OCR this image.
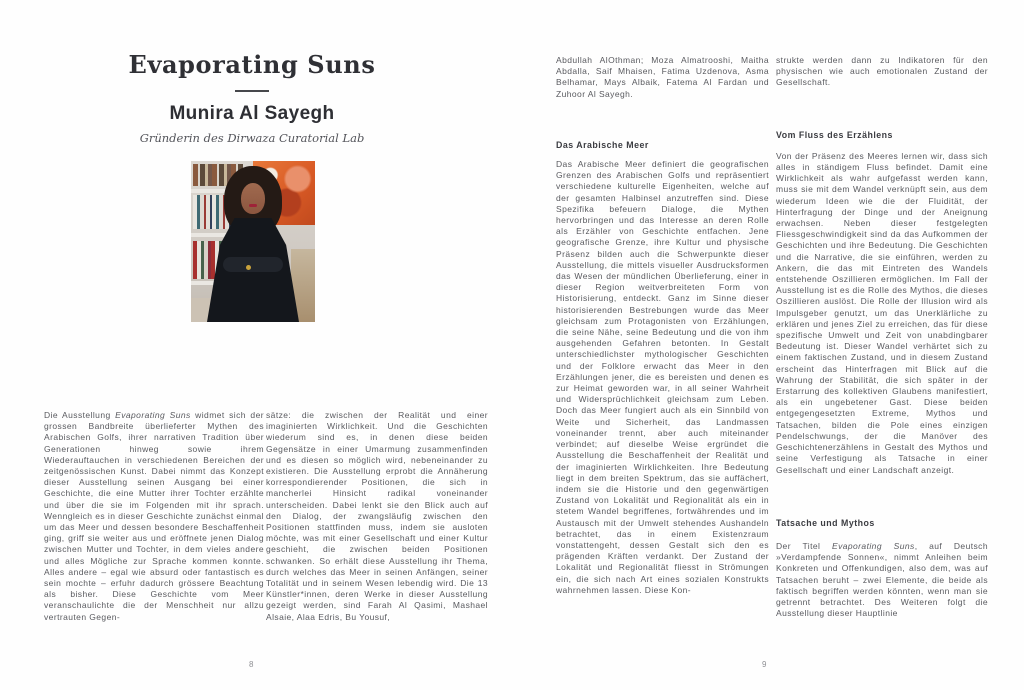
Evaporating Suns
Munira Al Sayegh
Gründerin des Dirwaza Curatorial Lab
Die Ausstellung Evaporating Suns widmet sich der grossen Bandbreite überlieferter Mythen des Arabischen Golfs, ihrer narrativen Tradition über Generationen hinweg sowie ihrem Wiederauftauchen in verschiedenen Bereichen der zeitgenössischen Kunst. Dabei nimmt das Konzept dieser Ausstellung seinen Ausgang bei einer Geschichte, die eine Mutter ihrer Tochter erzählte und über die sie im Folgenden mit ihr sprach. Wenngleich es in dieser Geschichte zunächst einmal um das Meer und dessen besondere Beschaffenheit ging, griff sie weiter aus und eröffnete jenen Dialog zwischen Mutter und Tochter, in dem vieles andere und alles Mögliche zur Sprache kommen konnte. Alles andere – egal wie absurd oder fantastisch es sein mochte – erfuhr dadurch grössere Beachtung als bisher. Diese Geschichte vom Meer veranschaulichte die der Menschheit nur allzu vertrauten Gegen-
sätze: die zwischen der Realität und einer imaginierten Wirklichkeit. Und die Geschichten wiederum sind es, in denen diese beiden Gegensätze in einer Umarmung zusammenfinden und es diesen so möglich wird, nebeneinander zu existieren. Die Ausstellung erprobt die Annäherung korrespondierender Positionen, die sich in mancherlei Hinsicht radikal voneinander unterscheiden. Dabei lenkt sie den Blick auch auf den Dialog, der zwangsläufig zwischen den Positionen stattfinden muss, indem sie ausloten möchte, was mit einer Gesellschaft und einer Kultur geschieht, die zwischen beiden Positionen schwanken. So erhält diese Ausstellung ihr Thema, durch welches das Meer in seinen Anfängen, seiner Totalität und in seinem Wesen lebendig wird. Die 13 Künstler*innen, deren Werke in dieser Ausstellung gezeigt werden, sind Farah Al Qasimi, Mashael Alsaie, Alaa Edris, Bu Yousuf,
8
Abdullah AlOthman; Moza Almatrooshi, Maitha Abdalla, Saif Mhaisen, Fatima Uzdenova, Asma Belhamar, Mays Albaik, Fatema Al Fardan und Zuhoor Al Sayegh.
Das Arabische Meer
Das Arabische Meer definiert die geografischen Grenzen des Arabischen Golfs und repräsentiert verschiedene kulturelle Eigenheiten, welche auf der gesamten Halbinsel anzutreffen sind. Diese Spezifika befeuern Dialoge, die Mythen hervorbringen und das Interesse an deren Rolle als Erzähler von Geschichte entfachen. Jene geografische Grenze, ihre Kultur und physische Präsenz bilden auch die Schwerpunkte dieser Ausstellung, die mittels visueller Ausdrucksformen das Wesen der mündlichen Überlieferung, einer in dieser Region weitverbreiteten Form von Historisierung, entdeckt. Ganz im Sinne dieser historisierenden Bestrebungen wurde das Meer gleichsam zum Protagonisten von Erzählungen, die seine Nähe, seine Bedeutung und die von ihm ausgehenden Gefahren betonten. In Gestalt unterschiedlichster mythologischer Geschichten und der Folklore erwacht das Meer in den Erzählungen jener, die es bereisten und denen es zur Heimat geworden war, in all seiner Wahrheit und Widersprüchlichkeit gleichsam zum Leben. Doch das Meer fungiert auch als ein Sinnbild von Weite und Sicherheit, das Landmassen voneinander trennt, aber auch miteinander verbindet; auf dieselbe Weise ergründet die Ausstellung die Beschaffenheit der Realität und der imaginierten Wirklichkeiten. Ihre Bedeutung liegt in dem breiten Spektrum, das sie auffächert, indem sie die Historie und den gegenwärtigen Zustand von Lokalität und Regionalität als ein in stetem Wandel begriffenes, fortwährendes und im Austausch mit der Umwelt stehendes Aushandeln betrachtet, das in einem Existenzraum vonstattengeht, dessen Gestalt sich den es prägenden Kräften verdankt. Der Zustand der Lokalität und Regionalität fliesst in Strömungen ein, die sich nach Art eines sozialen Konstrukts wahrnehmen lassen. Diese Kon-
strukte werden dann zu Indikatoren für den physischen wie auch emotionalen Zustand der Gesellschaft.
Vom Fluss des Erzählens
Von der Präsenz des Meeres lernen wir, dass sich alles in ständigem Fluss befindet. Damit eine Wirklichkeit als wahr aufgefasst werden kann, muss sie mit dem Wandel verknüpft sein, aus dem wiederum Ideen wie die der Fluidität, der Hinterfragung der Dinge und der Aneignung erwachsen. Neben dieser festgelegten Fliessgeschwindigkeit sind da das Aufkommen der Geschichten und ihre Bedeutung. Die Geschichten und die Narrative, die sie einführen, werden zu Ankern, die das mit Eintreten des Wandels entstehende Oszillieren ermöglichen. Im Fall der Ausstellung ist es die Rolle des Mythos, die dieses Oszillieren auslöst. Die Rolle der Illusion wird als Impulsgeber genutzt, um das Unerklärliche zu erklären und jenes Ziel zu erreichen, das für diese spezifische Umwelt und Zeit von unabdingbarer Bedeutung ist. Dieser Wandel verhärtet sich zu einem faktischen Zustand, und in diesem Zustand erscheint das Hinterfragen mit Blick auf die Wahrung der Stabilität, die sich später in der Erstarrung des kollektiven Glaubens manifestiert, als ein ungebetener Gast. Diese beiden entgegengesetzten Extreme, Mythos und Tatsachen, bilden die Pole eines einzigen Pendelschwungs, der die Manöver des Geschichtenerzählens in Gestalt des Mythos und seine Verfestigung als Tatsache in einer Gesellschaft und einer Landschaft anzeigt.
Tatsache und Mythos
Der Titel Evaporating Suns, auf Deutsch »Verdampfende Sonnen«, nimmt Anleihen beim Konkreten und Offenkundigen, also dem, was auf Tatsachen beruht – zwei Elemente, die beide als faktisch begriffen werden könnten, wenn man sie getrennt betrachtet. Des Weiteren folgt die Ausstellung dieser Hauptlinie
9
